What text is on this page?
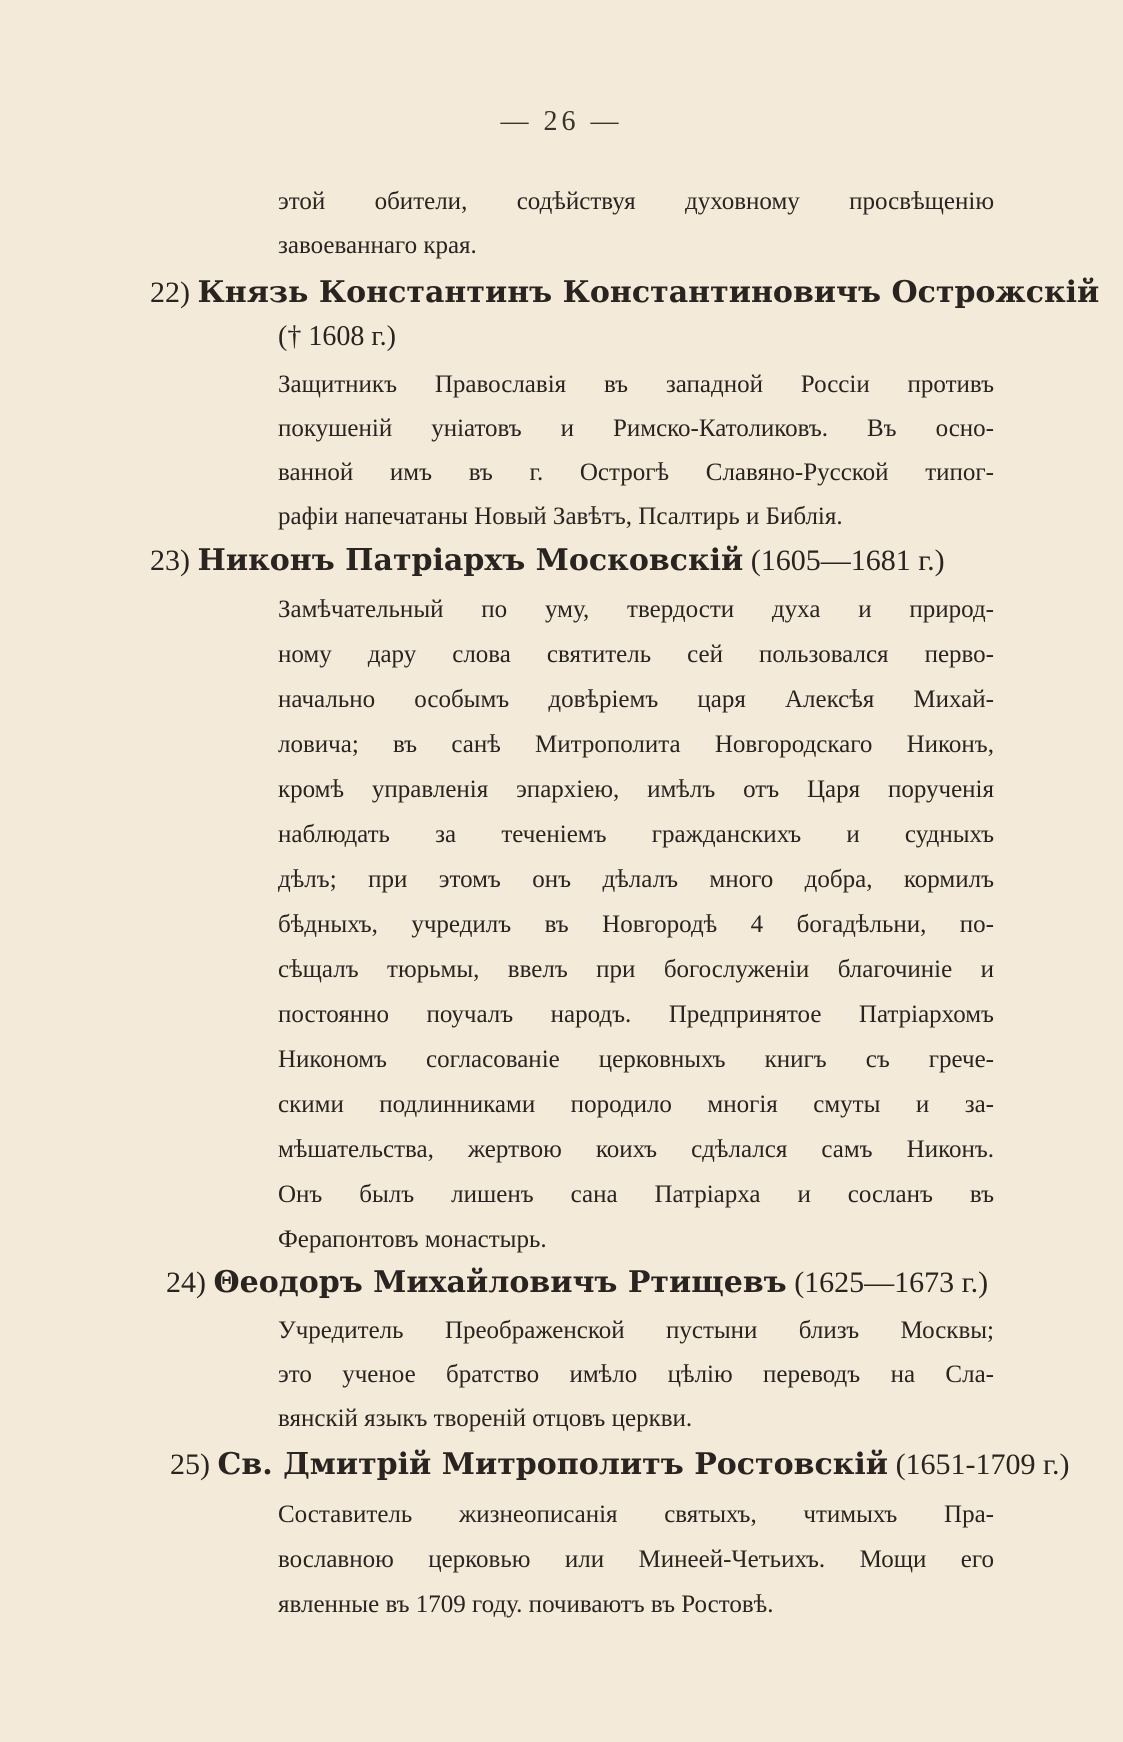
— 26 —
этой обители, содѣйствуя духовному просвѣщенію
завоеваннаго края.
22) Князь Константинъ Константиновичъ Острожскій
(† 1608 г.)
Защитникъ Православія въ западной Россіи противъ
покушеній уніатовъ и Римско-Католиковъ. Въ осно-
ванной имъ въ г. Острогѣ Славяно-Русской типог-
рафіи напечатаны Новый Завѣтъ, Псалтирь и Библія.
23) Никонъ Патріархъ Московскій (1605—1681 г.)
Замѣчательный по уму, твердости духа и природ-
ному дару слова святитель сей пользовался перво-
начально особымъ довѣріемъ царя Алексѣя Михай-
ловича; въ санѣ Митрополита Новгородскаго Никонъ,
кромѣ управленія эпархіею, имѣлъ отъ Царя порученія
наблюдать за теченіемъ гражданскихъ и судныхъ
дѣлъ; при этомъ онъ дѣлалъ много добра, кормилъ
бѣдныхъ, учредилъ въ Новгородѣ 4 богадѣльни, по-
сѣщалъ тюрьмы, ввелъ при богослуженіи благочиніе и
постоянно поучалъ народъ. Предпринятое Патріархомъ
Никономъ согласованіе церковныхъ книгъ съ грече-
скими подлинниками породило многія смуты и за-
мѣшательства, жертвою коихъ сдѣлался самъ Никонъ.
Онъ былъ лишенъ сана Патріарха и сосланъ въ
Ферапонтовъ монастырь.
24) Θеодоръ Михайловичъ Ртищевъ (1625—1673 г.)
Учредитель Преображенской пустыни близъ Москвы;
это ученое братство имѣло цѣлію переводъ на Сла-
вянскій языкъ твореній отцовъ церкви.
25) Св. Дмитрій Митрополитъ Ростовскій (1651-1709 г.)
Составитель жизнеописанія святыхъ, чтимыхъ Пра-
вославною церковью или Минеей-Четьихъ. Мощи его
явленные въ 1709 году. почиваютъ въ Ростовѣ.
